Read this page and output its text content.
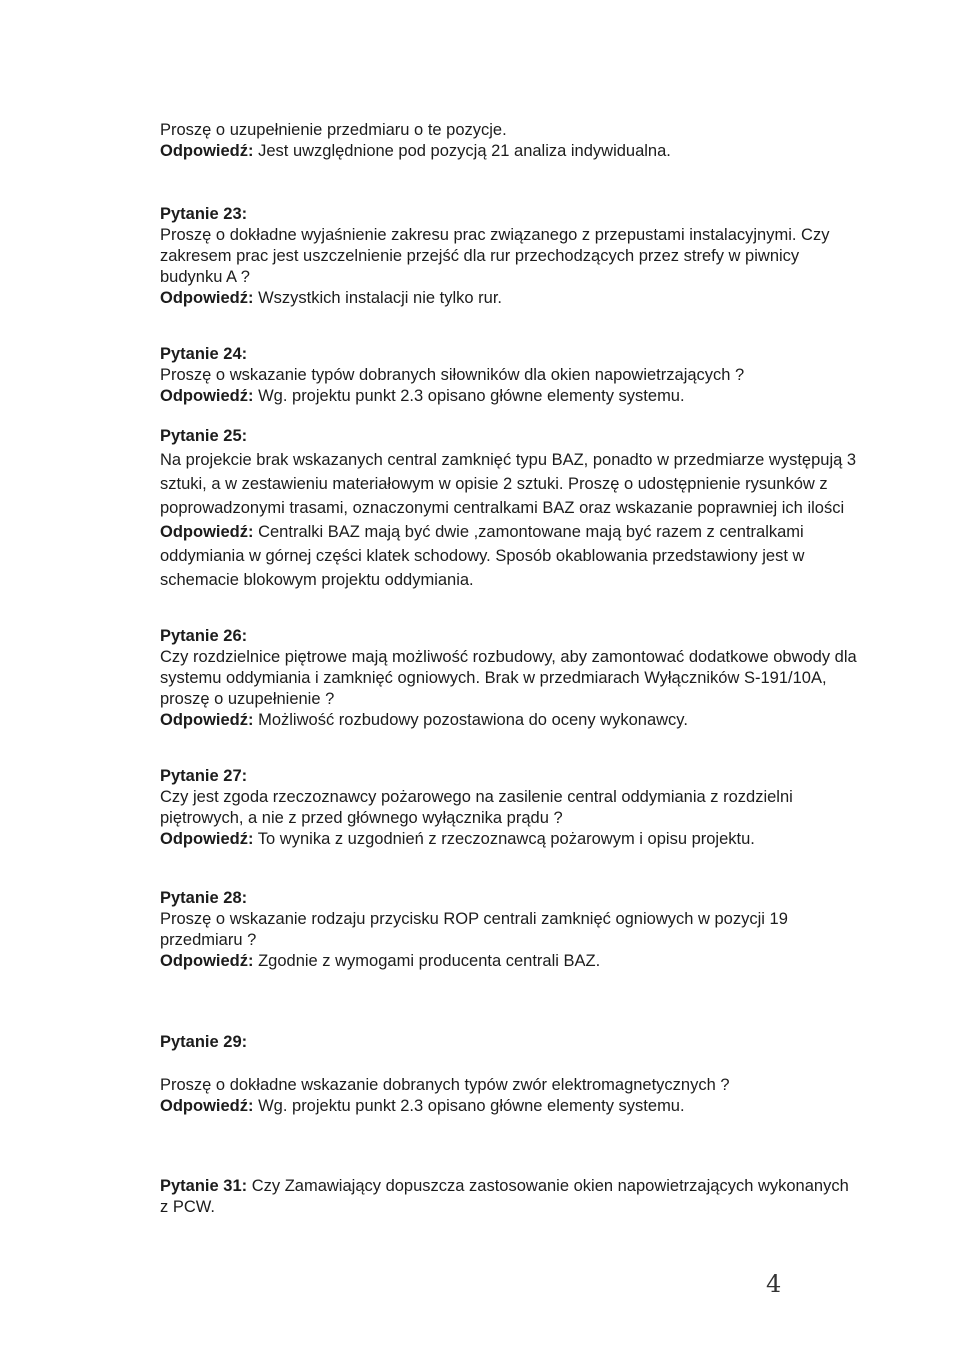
Proszę o uzupełnienie przedmiaru o te pozycje.

Odpowiedź: Jest uwzględnione pod pozycją 21 analiza indywidualna.

Pytanie 23:

Proszę o dokładne wyjaśnienie zakresu prac związanego z przepustami instalacyjnymi. Czy zakresem prac jest uszczelnienie przejść dla rur przechodzących przez strefy w piwnicy budynku A ?

Odpowiedź: Wszystkich instalacji nie tylko rur.

Pytanie 24:

Proszę o wskazanie typów dobranych siłowników dla okien napowietrzających ?

Odpowiedź: Wg. projektu punkt 2.3 opisano główne elementy systemu.

Pytanie 25:

Na projekcie brak wskazanych central zamknięć typu BAZ, ponadto w przedmiarze występują 3 sztuki, a w zestawieniu materiałowym w opisie 2 sztuki. Proszę o udostępnienie rysunków z poprowadzonymi trasami, oznaczonymi centralkami BAZ oraz wskazanie poprawniej ich ilości

Odpowiedź: Centralki BAZ mają być dwie ,zamontowane mają być razem z centralkami oddymiania w górnej części klatek schodowy. Sposób okablowania przedstawiony jest w schemacie blokowym projektu oddymiania.

Pytanie 26:

Czy rozdzielnice piętrowe mają możliwość rozbudowy, aby zamontować dodatkowe obwody dla systemu oddymiania i zamknięć ogniowych. Brak w przedmiarach Wyłączników S-191/10A, proszę o uzupełnienie ?

Odpowiedź: Możliwość rozbudowy pozostawiona do oceny wykonawcy.

Pytanie 27:

Czy jest zgoda rzeczoznawcy pożarowego na zasilenie central oddymiania z rozdzielni piętrowych, a nie z przed głównego wyłącznika prądu ?

Odpowiedź: To wynika z uzgodnień z rzeczoznawcą pożarowym i opisu projektu.

Pytanie 28:

Proszę o wskazanie rodzaju przycisku ROP centrali zamknięć ogniowych w pozycji 19 przedmiaru ?

Odpowiedź: Zgodnie z wymogami producenta centrali BAZ.

Pytanie 29:

Proszę o dokładne wskazanie dobranych typów zwór elektromagnetycznych ?

Odpowiedź: Wg. projektu punkt 2.3 opisano główne elementy systemu.

Pytanie 31: Czy Zamawiający dopuszcza zastosowanie okien napowietrzających wykonanych z PCW.

4
